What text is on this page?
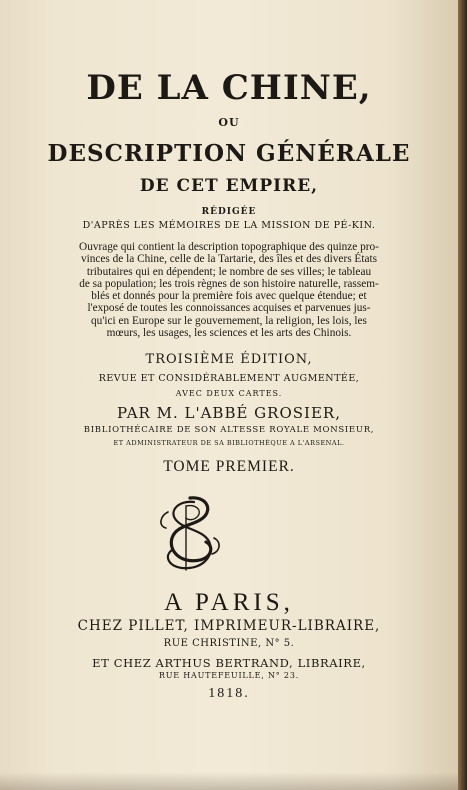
DE LA CHINE,
OU
DESCRIPTION GÉNÉRALE
DE CET EMPIRE,
RÉDIGÉE
D'APRÈS LES MÉMOIRES DE LA MISSION DE PÉ-KIN.
Ouvrage qui contient la description topographique des quinze pro-
vinces de la Chine, celle de la Tartarie, des îles et des divers États
tributaires qui en dépendent; le nombre de ses villes; le tableau
de sa population; les trois règnes de son histoire naturelle, rassem-
blés et donnés pour la première fois avec quelque étendue; et
l'exposé de toutes les connoissances acquises et parvenues jus-
qu'ici en Europe sur le gouvernement, la religion, les lois, les
mœurs, les usages, les sciences et les arts des Chinois.
TROISIÈME ÉDITION,
REVUE ET CONSIDÉRABLEMENT AUGMENTÉE,
AVEC DEUX CARTES.
PAR M. L'ABBÉ GROSIER,
BIBLIOTHÉCAIRE DE SON ALTESSE ROYALE MONSIEUR,
ET ADMINISTRATEUR DE SA BIBLIOTHÈQUE A L'ARSENAL.
TOME PREMIER.
A PARIS,
CHEZ PILLET, IMPRIMEUR-LIBRAIRE,
RUE CHRISTINE, N° 5.
ET CHEZ ARTHUS BERTRAND, LIBRAIRE,
RUE HAUTEFEUILLE, N° 23.
1818.
